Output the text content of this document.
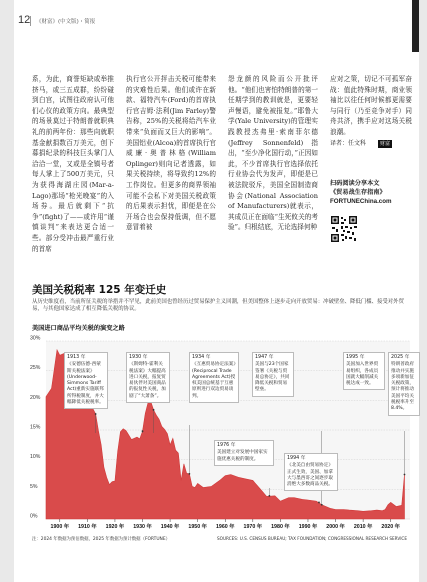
12 《财富》(中文版)・简报

系，为此，商誉矩缺或举推挤马，或三五成群，纷纷碰到白宫，试图往政府认可他们心仪的政策方向。最典型的场景莫过于特朗普就职典礼的前两年份：那些向就职基金献捐数百万美元，创下募捐纪录的科技巨头掌门人洽洽一堂，又或是全镇号者每人掌上了500万美元，只为获得海湖庄园(Mar-a-Lago)那场“枪光晚宴”的入场券。最后就剩下“抗争”(fight)了——或许用“谨慎谈判”来表达更合适一些。部分受冲击最严重行业的首席

执行官公开抨击关税可能带来的灾难性后果。他们或许在新款、福特汽车(Ford)的首席执行官吉姆·法利(Jim Farley)警告称，25%的关税将给汽车业带来“负面而又巨大的影响”。美国铝业(Alcoa)的首席执行官威廉·奥普林格(William Oplinger)则向记者透露，如果关税持续，将导致约12%的工作岗位。但更多的商界领袖可能不会私下对美国关税政策的后果表示担忧，即便是在公开场合也会保持低调，但不愿意冒着被

怨龙颜的风险而公开批评他。“他们也害怕特朗普的第一任期学到的教训就是，更要轻声慢语，避免被报复。”耶鲁大学(Yale University)的管理实践教授杰弗里·索南菲尔德(Jeffrey Sonnenfeld)指出，“至少净化国行动，”正因如此，不少首席执行官选择依托行业协会代为发声，即便是已被法院驳斥，美国全国制造商协会(National Association of Manufacturers)就表示，其成员正在面临“生死攸关的考验”。归根结底，无论选择何种

应对之策，切记不可孤军奋战：值此特殊时期，商业领袖比以往任何时候都更需要与同行（乃至竞争对手）同舟共济，携手应对这场关税浪潮。

译者：任文科	财富
扫码阅读分享本文
《贸易战生存指南》
FORTUNEChina.com
美国关税税率 125 年变迁史
从历史维度看，当前所征关税的举措并不罕见，此前美国也曾经历过贸易保护主义回潮，但美国整体上逐步走向开放贸易：冲破壁垒、降低门槛、接受对外贸易，与其他国家达成了相互降低关税的协议。
美国进口商品平均关税的演变之路
0%
5%
10%
15%
20%
25%
30%
1900 年 1910 年 1920 年 1930 年 1940 年 1950 年 1960 年 1970 年 1980 年 1990 年 2000 年 2010 年 2020 年
1913 年
《安德伍德-西蒙斯关税法案》(Underwood-Simmons Tariff Act)重新实施联邦所得税制度，并大幅降低关税税率。
1930 年
《斯姆特-霍利关税法案》大幅提高进口关税，报复贸易伙伴对美国商品的报复性关税，加剧了“大萧条”。
1934 年
《互惠贸易协定法案》(Reciprocal Trade Agreements Act)授权美国总统基于互惠原则进行双边贸易谈判。
1947 年
美国与23个国家签署《关税与贸易总协定》，共同降低关税和贸易壁垒。
1995 年
美国加入世界贸易组织，各成员国就大幅削减关税达成一致。
2025 年
特朗普政府推动并实施多项新加征关税政策，预计将推动美国平均关税税率升至8.4%。
1976 年
美国建立对发展中国家实施优惠关税的制度。	1994 年
《北美自由贸易协定》正式生效，美国、加拿大与墨西哥之间逐步取消绝大多数商品关税。
注：2024 年数据为预估数据，2025 年数据为预计数据（FORTUNE）	SOURCES: U.S. CENSUS BUREAU; TAX FOUNDATION; CONGRESSIONAL RESEARCH SERVICE
